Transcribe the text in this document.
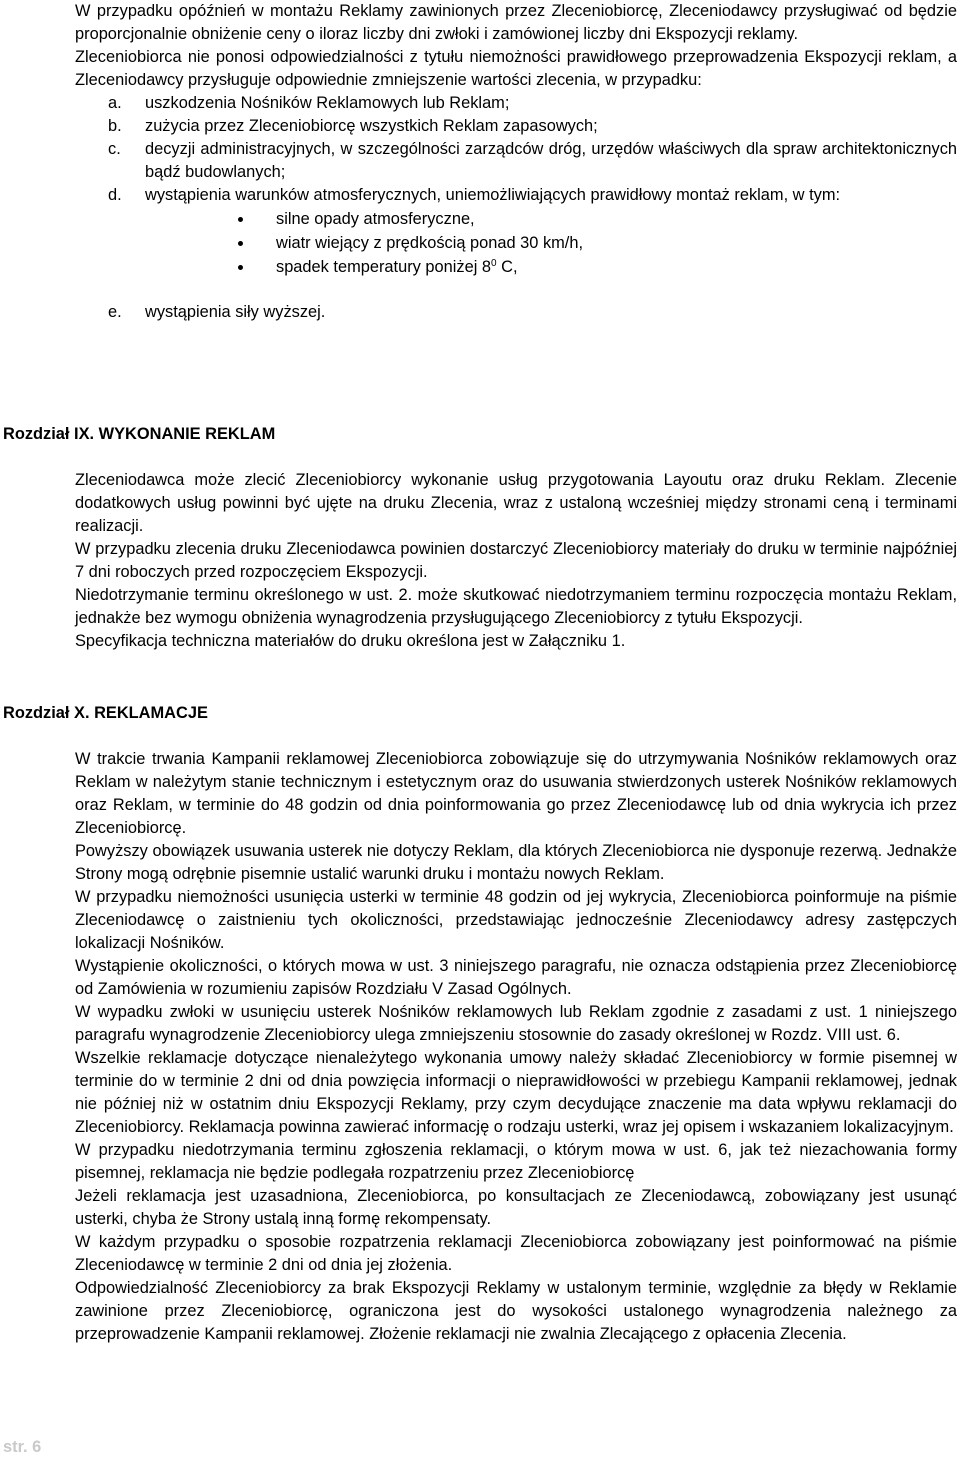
W przypadku opóźnień w montażu Reklamy zawinionych przez Zleceniobiorcę, Zleceniodawcy przysługiwać od będzie proporcjonalnie obniżenie ceny o iloraz liczby dni zwłoki i zamówionej liczby dni Ekspozycji reklamy.
Zleceniobiorca nie ponosi odpowiedzialności z tytułu niemożności prawidłowego przeprowadzenia Ekspozycji reklam, a Zleceniodawcy przysługuje odpowiednie zmniejszenie wartości zlecenia, w przypadku:
a. uszkodzenia Nośników Reklamowych lub Reklam;
b. zużycia przez Zleceniobiorcę wszystkich Reklam zapasowych;
c. decyzji administracyjnych, w szczególności zarządców dróg, urzędów właściwych dla spraw architektonicznych bądź budowlanych;
d. wystąpienia warunków atmosferycznych, uniemożliwiających prawidłowy montaż reklam, w tym:
silne opady atmosferyczne,
wiatr wiejący z prędkością ponad 30 km/h,
spadek temperatury poniżej $8^0$ C,
e. wystąpienia siły wyższej.
Rozdział IX. WYKONANIE REKLAM
Zleceniodawca może zlecić Zleceniobiorcy wykonanie usług przygotowania Layoutu oraz druku Reklam. Zlecenie dodatkowych usług powinni być ujęte na druku Zlecenia, wraz z ustaloną wcześniej między stronami ceną i terminami realizacji.
W przypadku zlecenia druku Zleceniodawca powinien dostarczyć Zleceniobiorcy materiały do druku w terminie najpóźniej 7 dni roboczych przed rozpoczęciem Ekspozycji.
Niedotrzymanie terminu określonego w ust. 2. może skutkować niedotrzymaniem terminu rozpoczęcia montażu Reklam, jednakże bez wymogu obniżenia wynagrodzenia przysługującego Zleceniobiorcy z tytułu Ekspozycji.
Specyfikacja techniczna materiałów do druku określona jest w Załączniku 1.
Rozdział X. REKLAMACJE
W trakcie trwania Kampanii reklamowej Zleceniobiorca zobowiązuje się do utrzymywania Nośników reklamowych oraz Reklam w należytym stanie technicznym i estetycznym oraz do usuwania stwierdzonych usterek Nośników reklamowych oraz Reklam, w terminie do 48 godzin od dnia poinformowania go przez Zleceniodawcę lub od dnia wykrycia ich przez Zleceniobiorcę.
Powyższy obowiązek usuwania usterek nie dotyczy Reklam, dla których Zleceniobiorca nie dysponuje rezerwą. Jednakże Strony mogą odrębnie pisemnie ustalić warunki druku i montażu nowych Reklam.
W przypadku niemożności usunięcia usterki w terminie 48 godzin od jej wykrycia, Zleceniobiorca poinformuje na piśmie Zleceniodawcę o zaistnieniu tych okoliczności, przedstawiając jednocześnie Zleceniodawcy adresy zastępczych lokalizacji Nośników.
Wystąpienie okoliczności, o których mowa w ust. 3 niniejszego paragrafu, nie oznacza odstąpienia przez Zleceniobiorcę od Zamówienia w rozumieniu zapisów Rozdziału V Zasad Ogólnych.
W wypadku zwłoki w usunięciu usterek Nośników reklamowych lub Reklam zgodnie z zasadami z ust. 1 niniejszego paragrafu wynagrodzenie Zleceniobiorcy ulega zmniejszeniu stosownie do zasady określonej w Rozdz. VIII ust. 6.
Wszelkie reklamacje dotyczące nienależytego wykonania umowy należy składać Zleceniobiorcy w formie pisemnej w terminie do w terminie 2 dni od dnia powzięcia informacji o nieprawidłowości w przebiegu Kampanii reklamowej, jednak nie później niż w ostatnim dniu Ekspozycji Reklamy, przy czym decydujące znaczenie ma data wpływu reklamacji do Zleceniobiorcy. Reklamacja powinna zawierać informację o rodzaju usterki, wraz jej opisem i wskazaniem lokalizacyjnym.
W przypadku niedotrzymania terminu zgłoszenia reklamacji, o którym mowa w ust. 6, jak też niezachowania formy pisemnej, reklamacja nie będzie podlegała rozpatrzeniu przez Zleceniobiorcę
Jeżeli reklamacja jest uzasadniona, Zleceniobiorca, po konsultacjach ze Zleceniodawcą, zobowiązany jest usunąć usterki, chyba że Strony ustalą inną formę rekompensaty.
W każdym przypadku o sposobie rozpatrzenia reklamacji Zleceniobiorca zobowiązany jest poinformować na piśmie Zleceniodawcę w terminie 2 dni od dnia jej złożenia.
Odpowiedzialność Zleceniobiorcy za brak Ekspozycji Reklamy w ustalonym terminie, względnie za błędy w Reklamie zawinione przez Zleceniobiorcę, ograniczona jest do wysokości ustalonego wynagrodzenia należnego za przeprowadzenie Kampanii reklamowej. Złożenie reklamacji nie zwalnia Zlecającego z opłacenia Zlecenia.
str. 6
